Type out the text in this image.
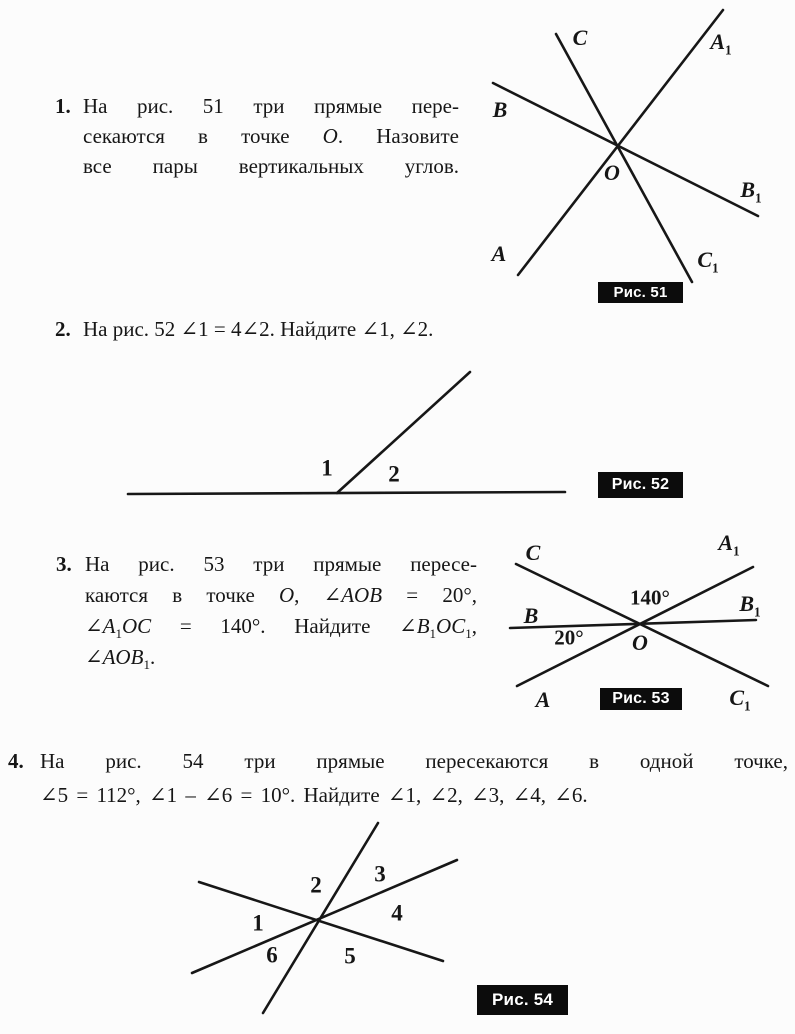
1. На рис. 51 три прямые пере-
секаются в точке O. Назовите
все пары вертикальных углов.
C	$A_1$
B
O
$B_1$
A	$C_1$
Рис. 51
2. На рис. 52 ∠1 = 4∠2. Найдите ∠1, ∠2.
1 2	Рис. 52
3. На рис. 53 три прямые пересе-
каются в точке O, ∠AOB = 20°,
$\angle A_1OC = 140^\circ$. Найдите $\angle B_1OC_1$,
$\angle AOB_1$.
C	$A_1$
140°
B	$B_1$
20° O
A	$C_1$
Рис. 53
4. На рис. 54 три прямые пересекаются в одной точке,
∠5 = 112°, ∠1 – ∠6 = 10°. Найдите ∠1, ∠2, ∠3, ∠4, ∠6.
1
2 3
4
5
6
Рис. 54
